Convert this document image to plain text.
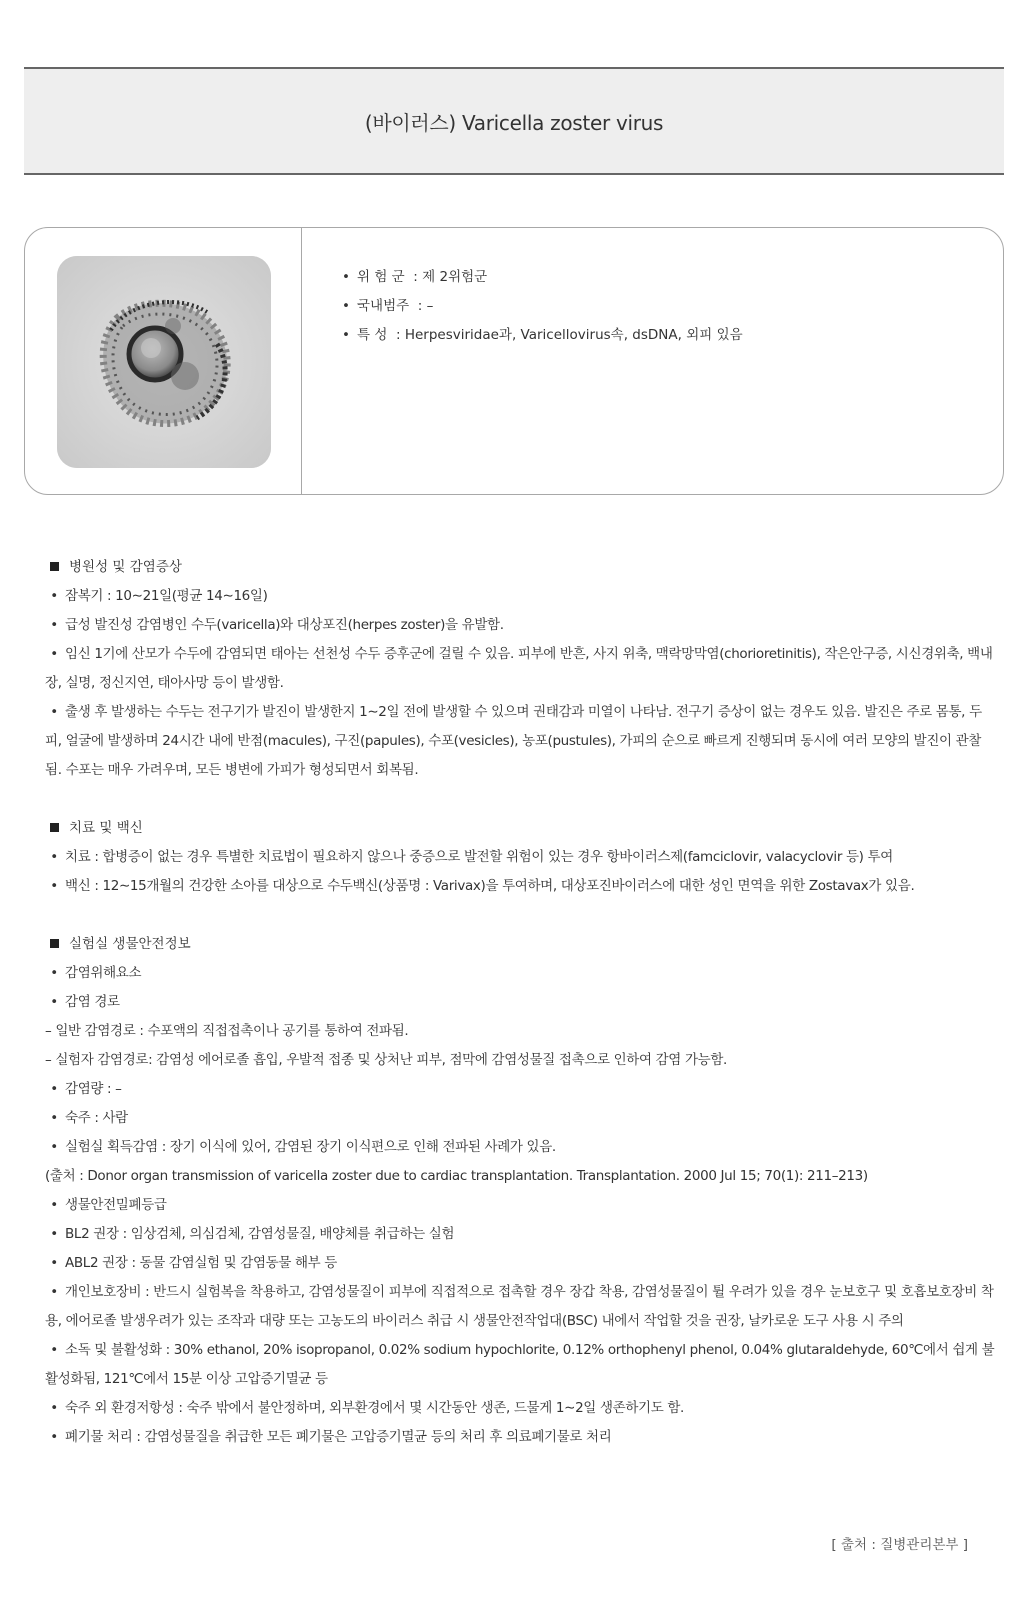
(바이러스) Varicella zoster virus
• 위 험 군  : 제 2위험군
• 국내범주  : –
• 특 성  : Herpesviridae과, Varicellovirus속, dsDNA, 외피 있음
병원성 및 감염증상
• 잠복기 : 10∼21일(평균 14∼16일)
• 급성 발진성 감염병인 수두(varicella)와 대상포진(herpes zoster)을 유발함.
• 임신 1기에 산모가 수두에 감염되면 태아는 선천성 수두 증후군에 걸릴 수 있음. 피부에 반흔, 사지 위축, 맥락망막염(chorioretinitis), 작은안구증, 시신경위축, 백내장, 실명, 정신지연, 태아사망 등이 발생함.
• 출생 후 발생하는 수두는 전구기가 발진이 발생한지 1∼2일 전에 발생할 수 있으며 권태감과 미열이 나타남. 전구기 증상이 없는 경우도 있음. 발진은 주로 몸통, 두피, 얼굴에 발생하며 24시간 내에 반점(macules), 구진(papules), 수포(vesicles), 농포(pustules), 가피의 순으로 빠르게 진행되며 동시에 여러 모양의 발진이 관찰됨. 수포는 매우 가려우며, 모든 병변에 가피가 형성되면서 회복됨.
치료 및 백신
• 치료 : 합병증이 없는 경우 특별한 치료법이 필요하지 않으나 중증으로 발전할 위험이 있는 경우 항바이러스제(famciclovir, valacyclovir 등) 투여
• 백신 : 12∼15개월의 건강한 소아를 대상으로 수두백신(상품명 : Varivax)을 투여하며, 대상포진바이러스에 대한 성인 면역을 위한 Zostavax가 있음.
실험실 생물안전정보
• 감염위해요소
• 감염 경로
– 일반 감염경로 : 수포액의 직접접촉이나 공기를 통하여 전파됨.
– 실험자 감염경로: 감염성 에어로졸 흡입, 우발적 접종 및 상처난 피부, 점막에 감염성물질 접촉으로 인하여 감염 가능함.
• 감염량 : –
• 숙주 : 사람
• 실험실 획득감염 : 장기 이식에 있어, 감염된 장기 이식편으로 인해 전파된 사례가 있음.
(출처 : Donor organ transmission of varicella zoster due to cardiac transplantation. Transplantation. 2000 Jul 15; 70(1): 211–213)
• 생물안전밀폐등급
• BL2 권장 : 임상검체, 의심검체, 감염성물질, 배양체를 취급하는 실험
• ABL2 권장 : 동물 감염실험 및 감염동물 해부 등
• 개인보호장비 : 반드시 실험복을 착용하고, 감염성물질이 피부에 직접적으로 접촉할 경우 장갑 착용, 감염성물질이 튈 우려가 있을 경우 눈보호구 및 호흡보호장비 착용, 에어로졸 발생우려가 있는 조작과 대량 또는 고농도의 바이러스 취급 시 생물안전작업대(BSC) 내에서 작업할 것을 권장, 날카로운 도구 사용 시 주의
• 소독 및 불활성화 : 30% ethanol, 20% isopropanol, 0.02% sodium hypochlorite, 0.12% orthophenyl phenol, 0.04% glutaraldehyde, 60℃에서 쉽게 불활성화됨, 121℃에서 15분 이상 고압증기멸균 등
• 숙주 외 환경저항성 : 숙주 밖에서 불안정하며, 외부환경에서 몇 시간동안 생존, 드물게 1∼2일 생존하기도 함.
• 폐기물 처리 : 감염성물질을 취급한 모든 폐기물은 고압증기멸균 등의 처리 후 의료폐기물로 처리
[ 출처 : 질병관리본부 ]
